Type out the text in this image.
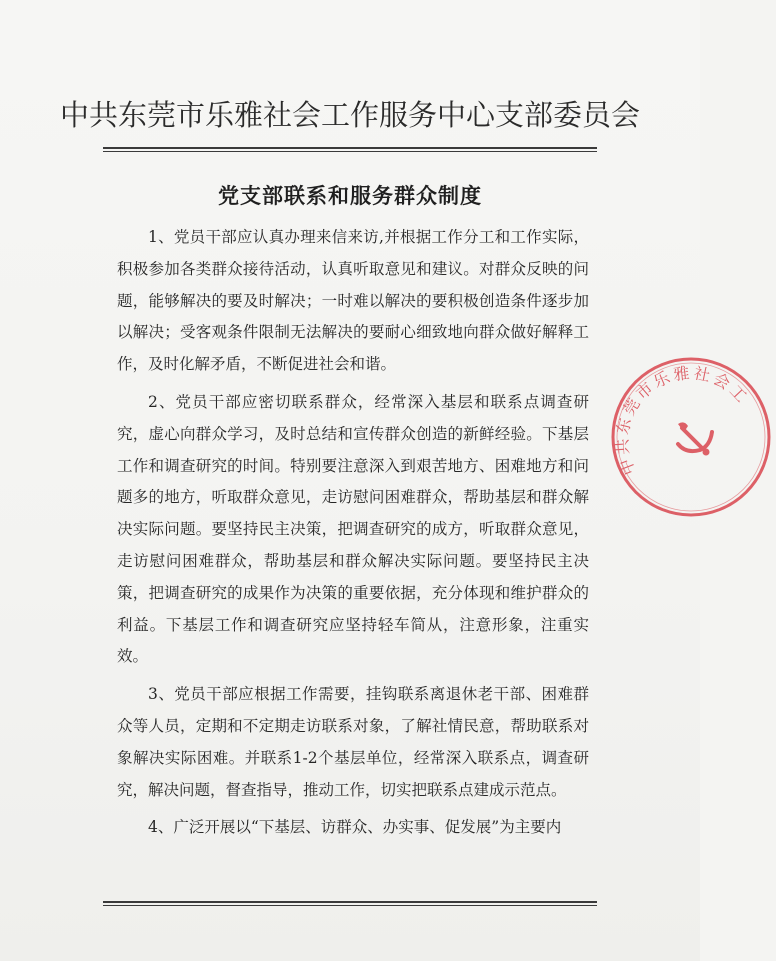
中共东莞市乐雅社会工作服务中心支部委员会
党支部联系和服务群众制度

1、党员干部应认真办理来信来访,并根据工作分工和工作实际，积极参加各类群众接待活动，认真听取意见和建议。对群众反映的问题，能够解决的要及时解决；一时难以解决的要积极创造条件逐步加以解决；受客观条件限制无法解决的要耐心细致地向群众做好解释工作，及时化解矛盾，不断促进社会和谐。

2、党员干部应密切联系群众，经常深入基层和联系点调查研究，虚心向群众学习，及时总结和宣传群众创造的新鲜经验。下基层工作和调查研究的时间。特别要注意深入到艰苦地方、困难地方和问题多的地方，听取群众意见，走访慰问困难群众，帮助基层和群众解决实际问题。要坚持民主决策，把调查研究的成方，听取群众意见，走访慰问困难群众，帮助基层和群众解决实际问题。要坚持民主决策，把调查研究的成果作为决策的重要依据，充分体现和维护群众的利益。下基层工作和调查研究应坚持轻车简从，注意形象，注重实效。

3、党员干部应根据工作需要，挂钩联系离退休老干部、困难群众等人员，定期和不定期走访联系对象，了解社情民意，帮助联系对象解决实际困难。并联系1-2个基层单位，经常深入联系点，调查研究，解决问题，督查指导，推动工作，切实把联系点建成示范点。

4、广泛开展以“下基层、访群众、办实事、促发展”为主要内

中共东莞市乐雅社会工
